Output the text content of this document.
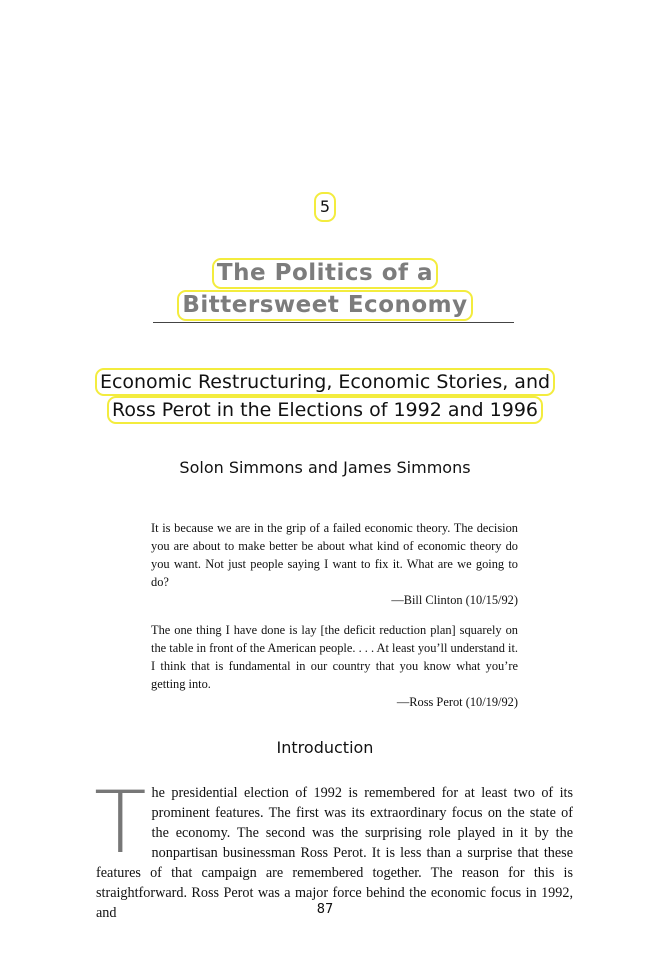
5
The Politics of a
Bittersweet Economy
Economic Restructuring, Economic Stories, and
Ross Perot in the Elections of 1992 and 1996
Solon Simmons and James Simmons

It is because we are in the grip of a failed economic theory. The decision you are about to make better be about what kind of economic theory do you want. Not just people saying I want to fix it. What are we going to do?

—Bill Clinton (10/15/92)

The one thing I have done is lay [the deficit reduction plan] squarely on the table in front of the American people. . . . At least you’ll understand it. I think that is fundamental in our country that you know what you’re getting into.

—Ross Perot (10/19/92)

Introduction
T he presidential election of 1992 is remembered for at least two of its prominent features. The first was its extraordinary focus on the state of the economy. The second was the surprising role played in it by the nonpartisan businessman Ross Perot. It is less than a surprise that these features of that campaign are remembered together. The reason for this is straightforward. Ross Perot was a major force behind the economic focus in 1992, and	87
